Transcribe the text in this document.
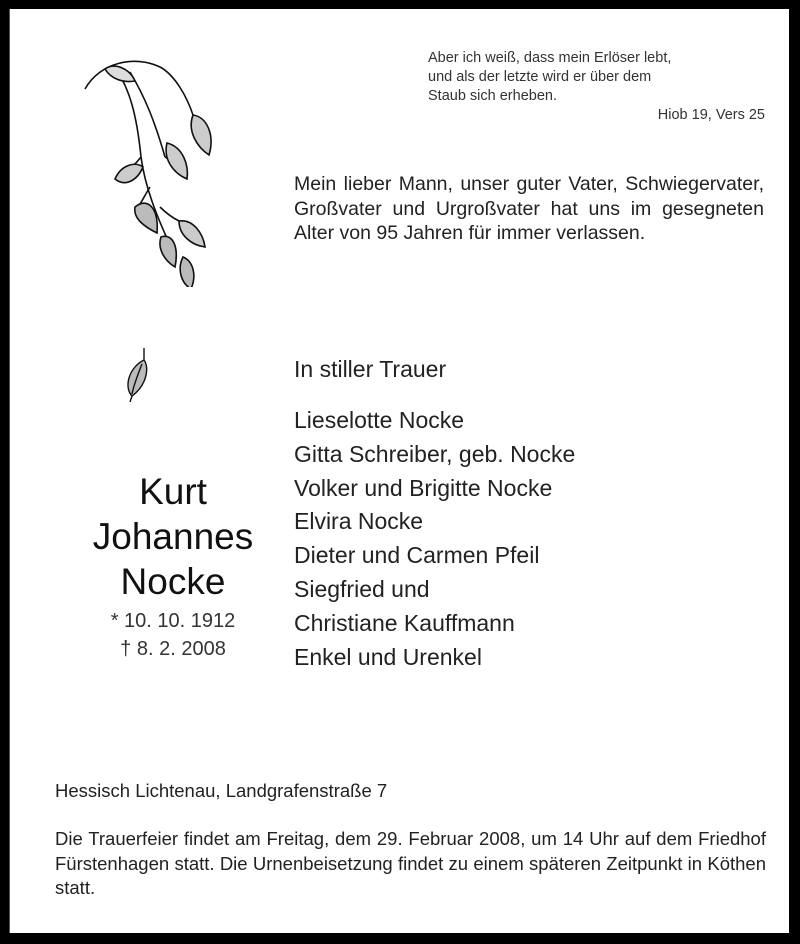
Aber ich weiß, dass mein Erlöser lebt,
und als der letzte wird er über dem
Staub sich erheben.
Hiob 19, Vers 25
Mein lieber Mann, unser guter Vater, Schwiegervater, Großvater und Urgroßvater hat uns im gesegneten Alter von 95 Jahren für immer verlassen.
In stiller Trauer
Lieselotte Nocke
Gitta Schreiber, geb. Nocke
Volker und Brigitte Nocke
Elvira Nocke
Dieter und Carmen Pfeil
Siegfried und
Christiane Kauffmann
Enkel und Urenkel
Kurt
Johannes
Nocke
* 10. 10. 1912
† 8. 2. 2008
Hessisch Lichtenau, Landgrafenstraße 7
Die Trauerfeier findet am Freitag, dem 29. Februar 2008, um 14 Uhr auf dem Friedhof Fürstenhagen statt. Die Urnenbeisetzung findet zu einem späteren Zeitpunkt in Köthen statt.
